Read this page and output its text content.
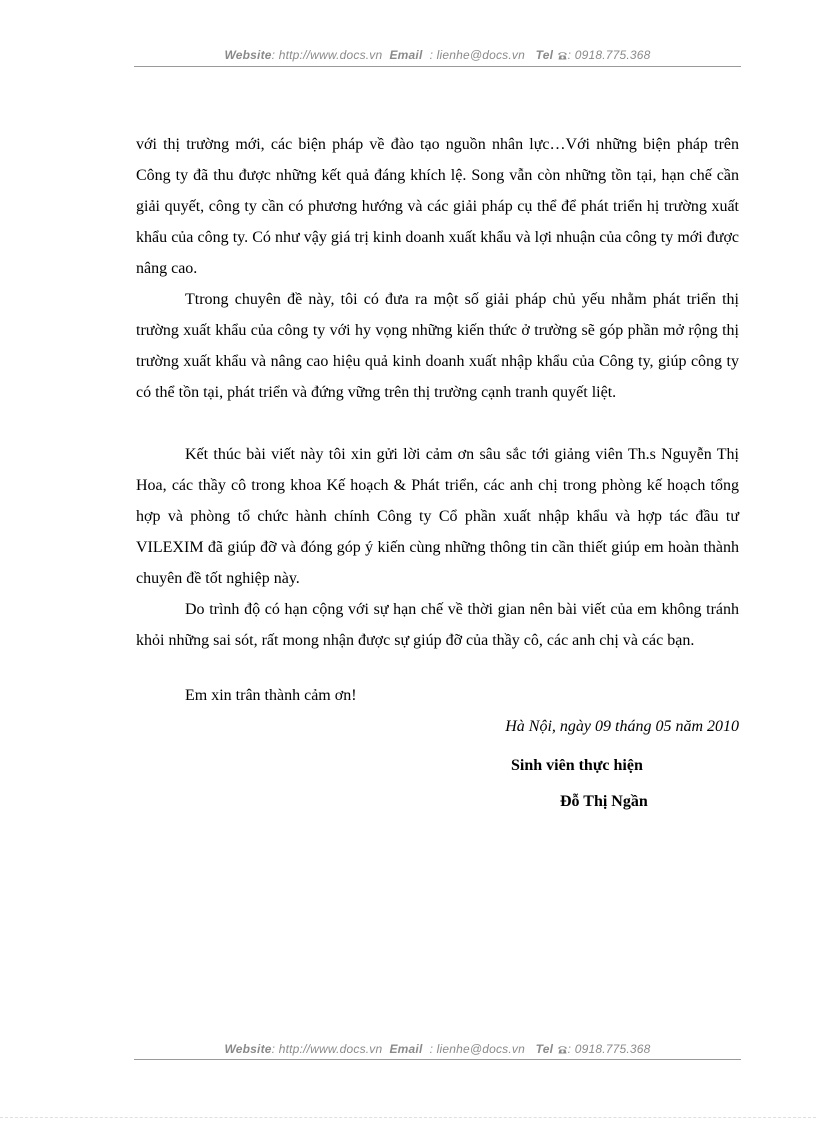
Website: http://www.docs.vn Email : lienhe@docs.vn Tel : 0918.775.368

với thị trường mới, các biện pháp về đào tạo nguồn nhân lực…Với những biện pháp trên Công ty đã thu được những kết quả đáng khích lệ. Song vẫn còn những tồn tại, hạn chế cần giải quyết, công ty cần có phương hướng và các giải pháp cụ thể để phát triển hị trường xuất khẩu của công ty. Có như vậy giá trị kinh doanh xuất khẩu và lợi nhuận của công ty mới được nâng cao.

Ttrong chuyên đề này, tôi có đưa ra một số giải pháp chủ yếu nhằm phát triển thị trường xuất khẩu của công ty với hy vọng những kiến thức ở trường sẽ góp phần mở rộng thị trường xuất khẩu và nâng cao hiệu quả kinh doanh xuất nhập khẩu của Công ty, giúp công ty có thể tồn tại, phát triển và đứng vững trên thị trường cạnh tranh quyết liệt.

Kết thúc bài viết này tôi xin gửi lời cảm ơn sâu sắc tới giảng viên Th.s Nguyễn Thị Hoa, các thầy cô trong khoa Kế hoạch & Phát triển, các anh chị trong phòng kế hoạch tổng hợp và phòng tổ chức hành chính Công ty Cổ phần xuất nhập khẩu và hợp tác đầu tư VILEXIM đã giúp đỡ và đóng góp ý kiến cùng những thông tin cần thiết giúp em hoàn thành chuyên đề tốt nghiệp này.

Do trình độ có hạn cộng với sự hạn chế về thời gian nên bài viết của em không tránh khỏi những sai sót, rất mong nhận được sự giúp đỡ của thầy cô, các anh chị và các bạn.

Em xin trân thành cảm ơn!
Hà Nội, ngày 09 tháng 05 năm 2010
Sinh viên thực hiện
Đỗ Thị Ngần
Website: http://www.docs.vn Email : lienhe@docs.vn Tel : 0918.775.368
